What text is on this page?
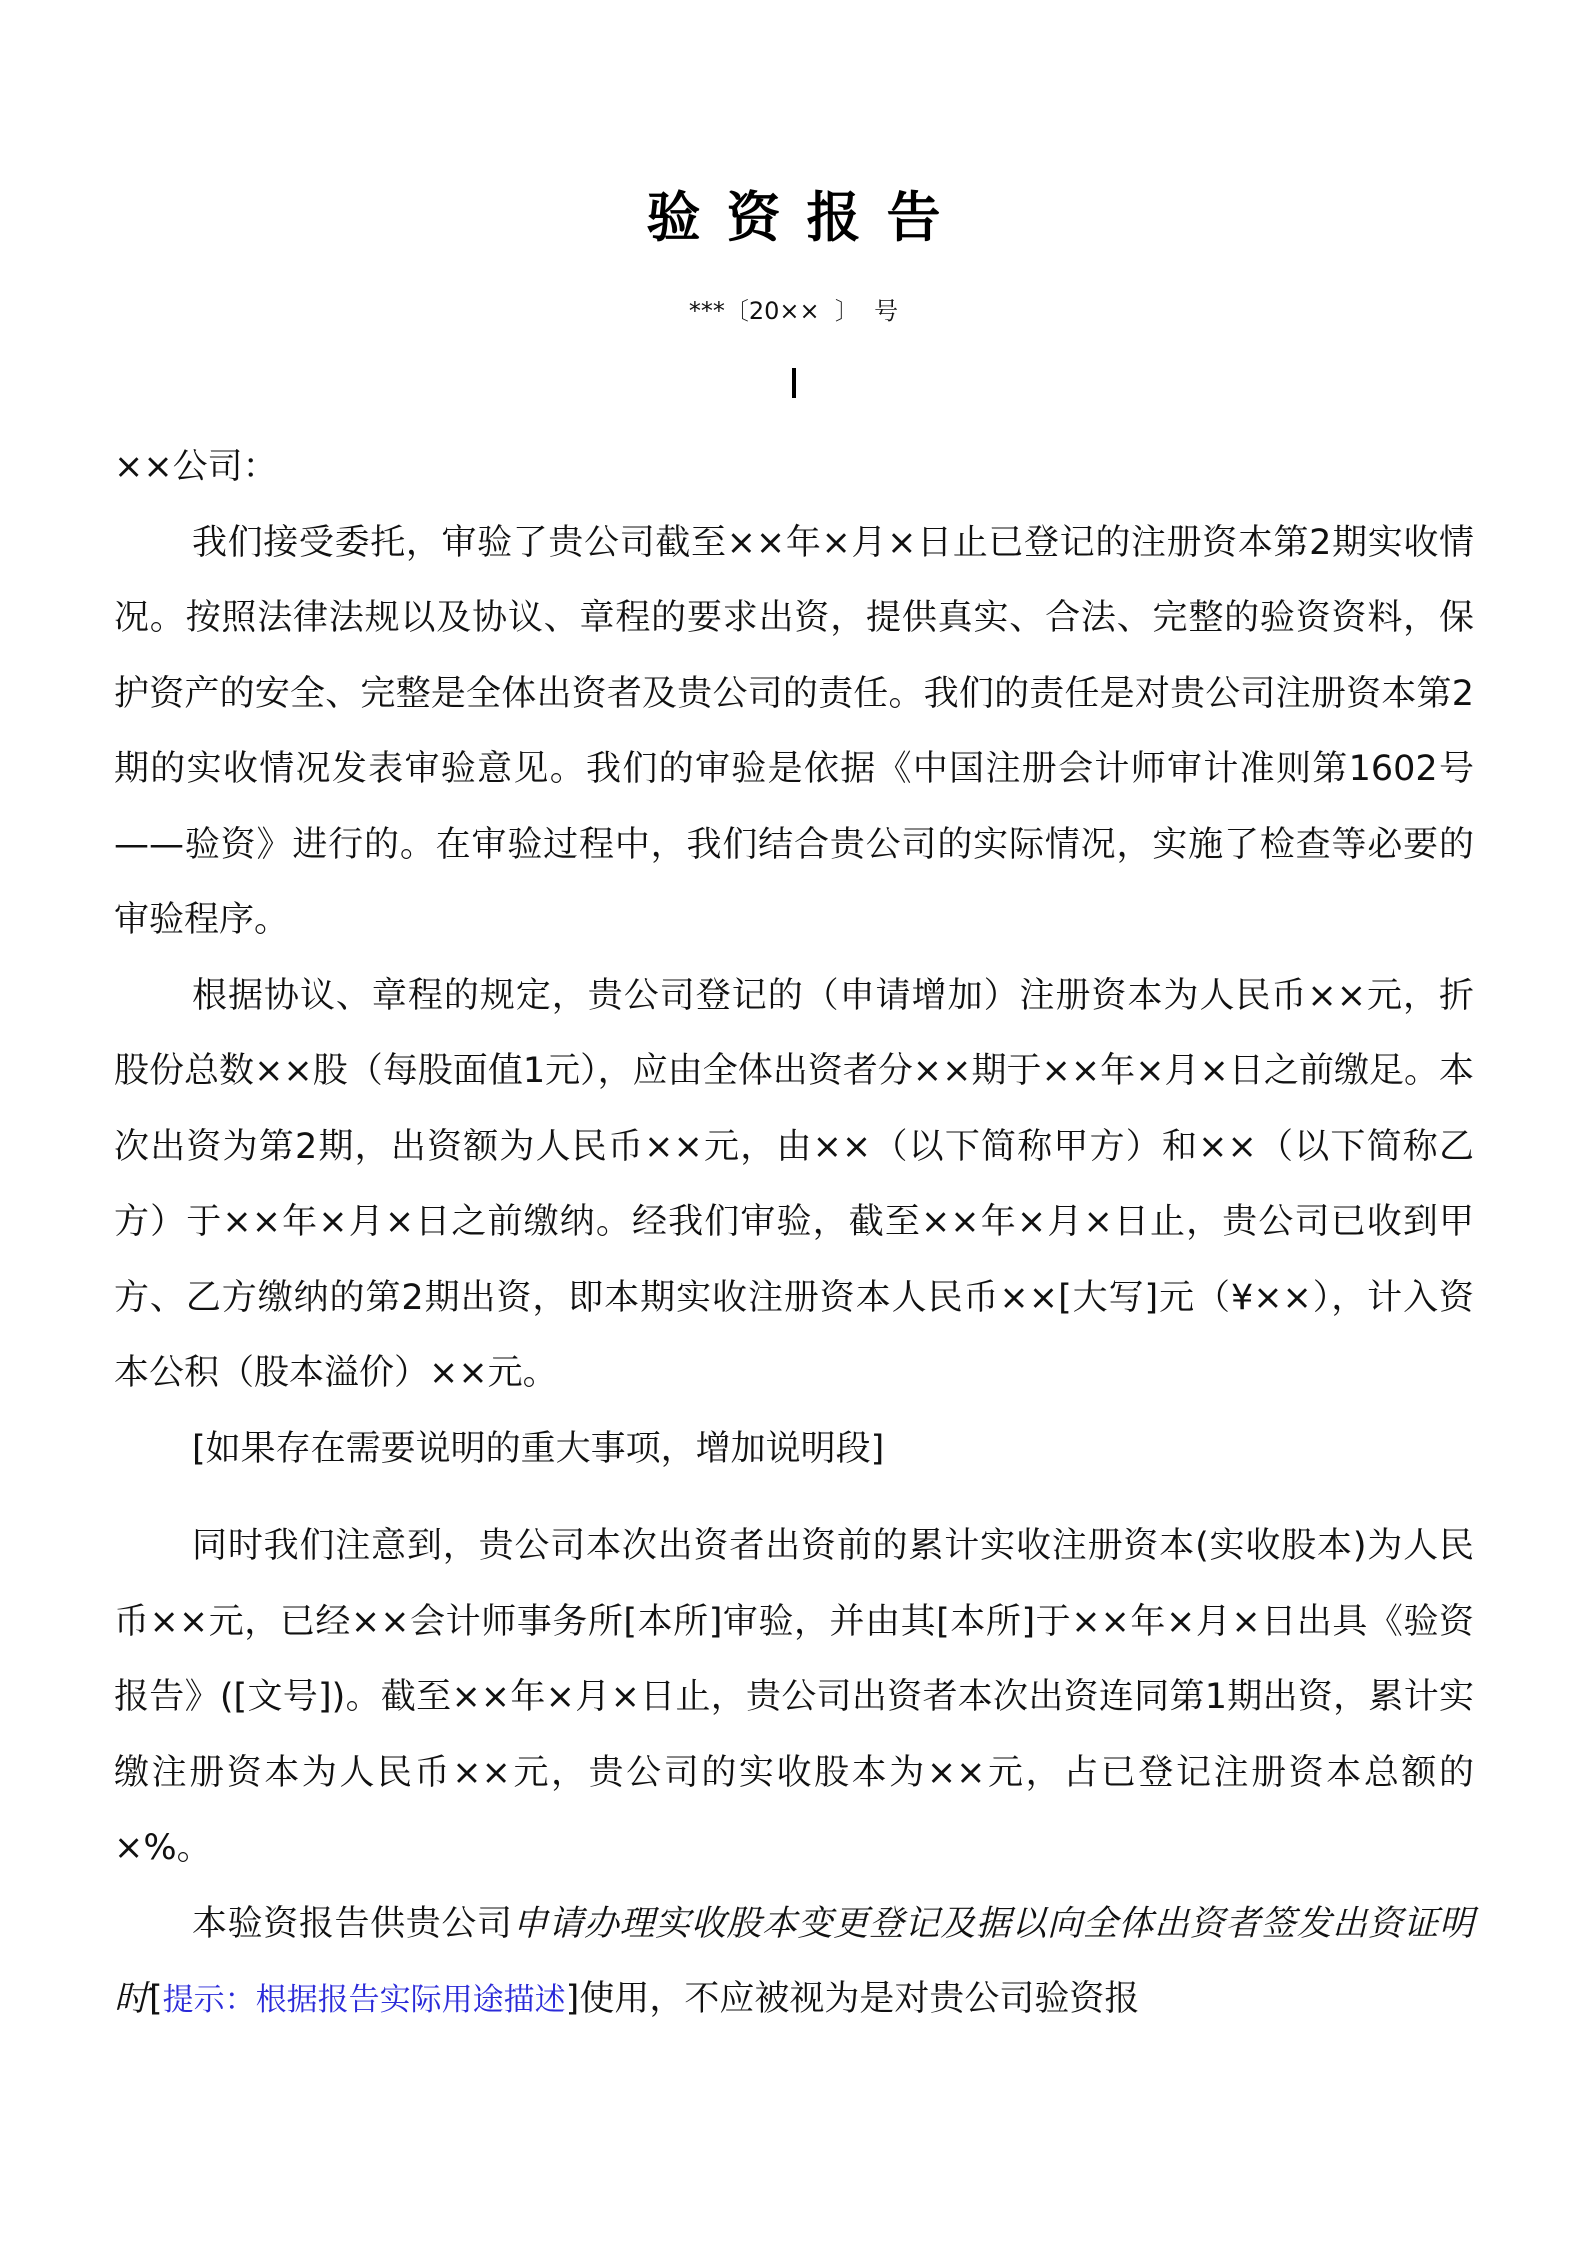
验资报告
***〔20××  〕  号

××公司：

我们接受委托，审验了贵公司截至××年×月×日止已登记的注册资本第2期实收情况。按照法律法规以及协议、章程的要求出资，提供真实、合法、完整的验资资料，保护资产的安全、完整是全体出资者及贵公司的责任。我们的责任是对贵公司注册资本第2期的实收情况发表审验意见。我们的审验是依据《中国注册会计师审计准则第1602号——验资》进行的。在审验过程中，我们结合贵公司的实际情况，实施了检查等必要的审验程序。

根据协议、章程的规定，贵公司登记的（申请增加）注册资本为人民币××元，折股份总数××股（每股面值1元），应由全体出资者分××期于××年×月×日之前缴足。本次出资为第2期，出资额为人民币××元，由××（以下简称甲方）和××（以下简称乙方）于××年×月×日之前缴纳。经我们审验，截至××年×月×日止，贵公司已收到甲方、乙方缴纳的第2期出资，即本期实收注册资本人民币××[大写]元（¥××），计入资本公积（股本溢价）××元。

[如果存在需要说明的重大事项，增加说明段]

同时我们注意到，贵公司本次出资者出资前的累计实收注册资本(实收股本)为人民币××元，已经××会计师事务所[本所]审验，并由其[本所]于××年×月×日出具《验资报告》([文号])。截至××年×月×日止，贵公司出资者本次出资连同第1期出资，累计实缴注册资本为人民币××元，贵公司的实收股本为××元，占已登记注册资本总额的×%。

本验资报告供贵公司申请办理实收股本变更登记及据以向全体出资者签发出资证明时[提示：根据报告实际用途描述]使用，不应被视为是对贵公司验资报
